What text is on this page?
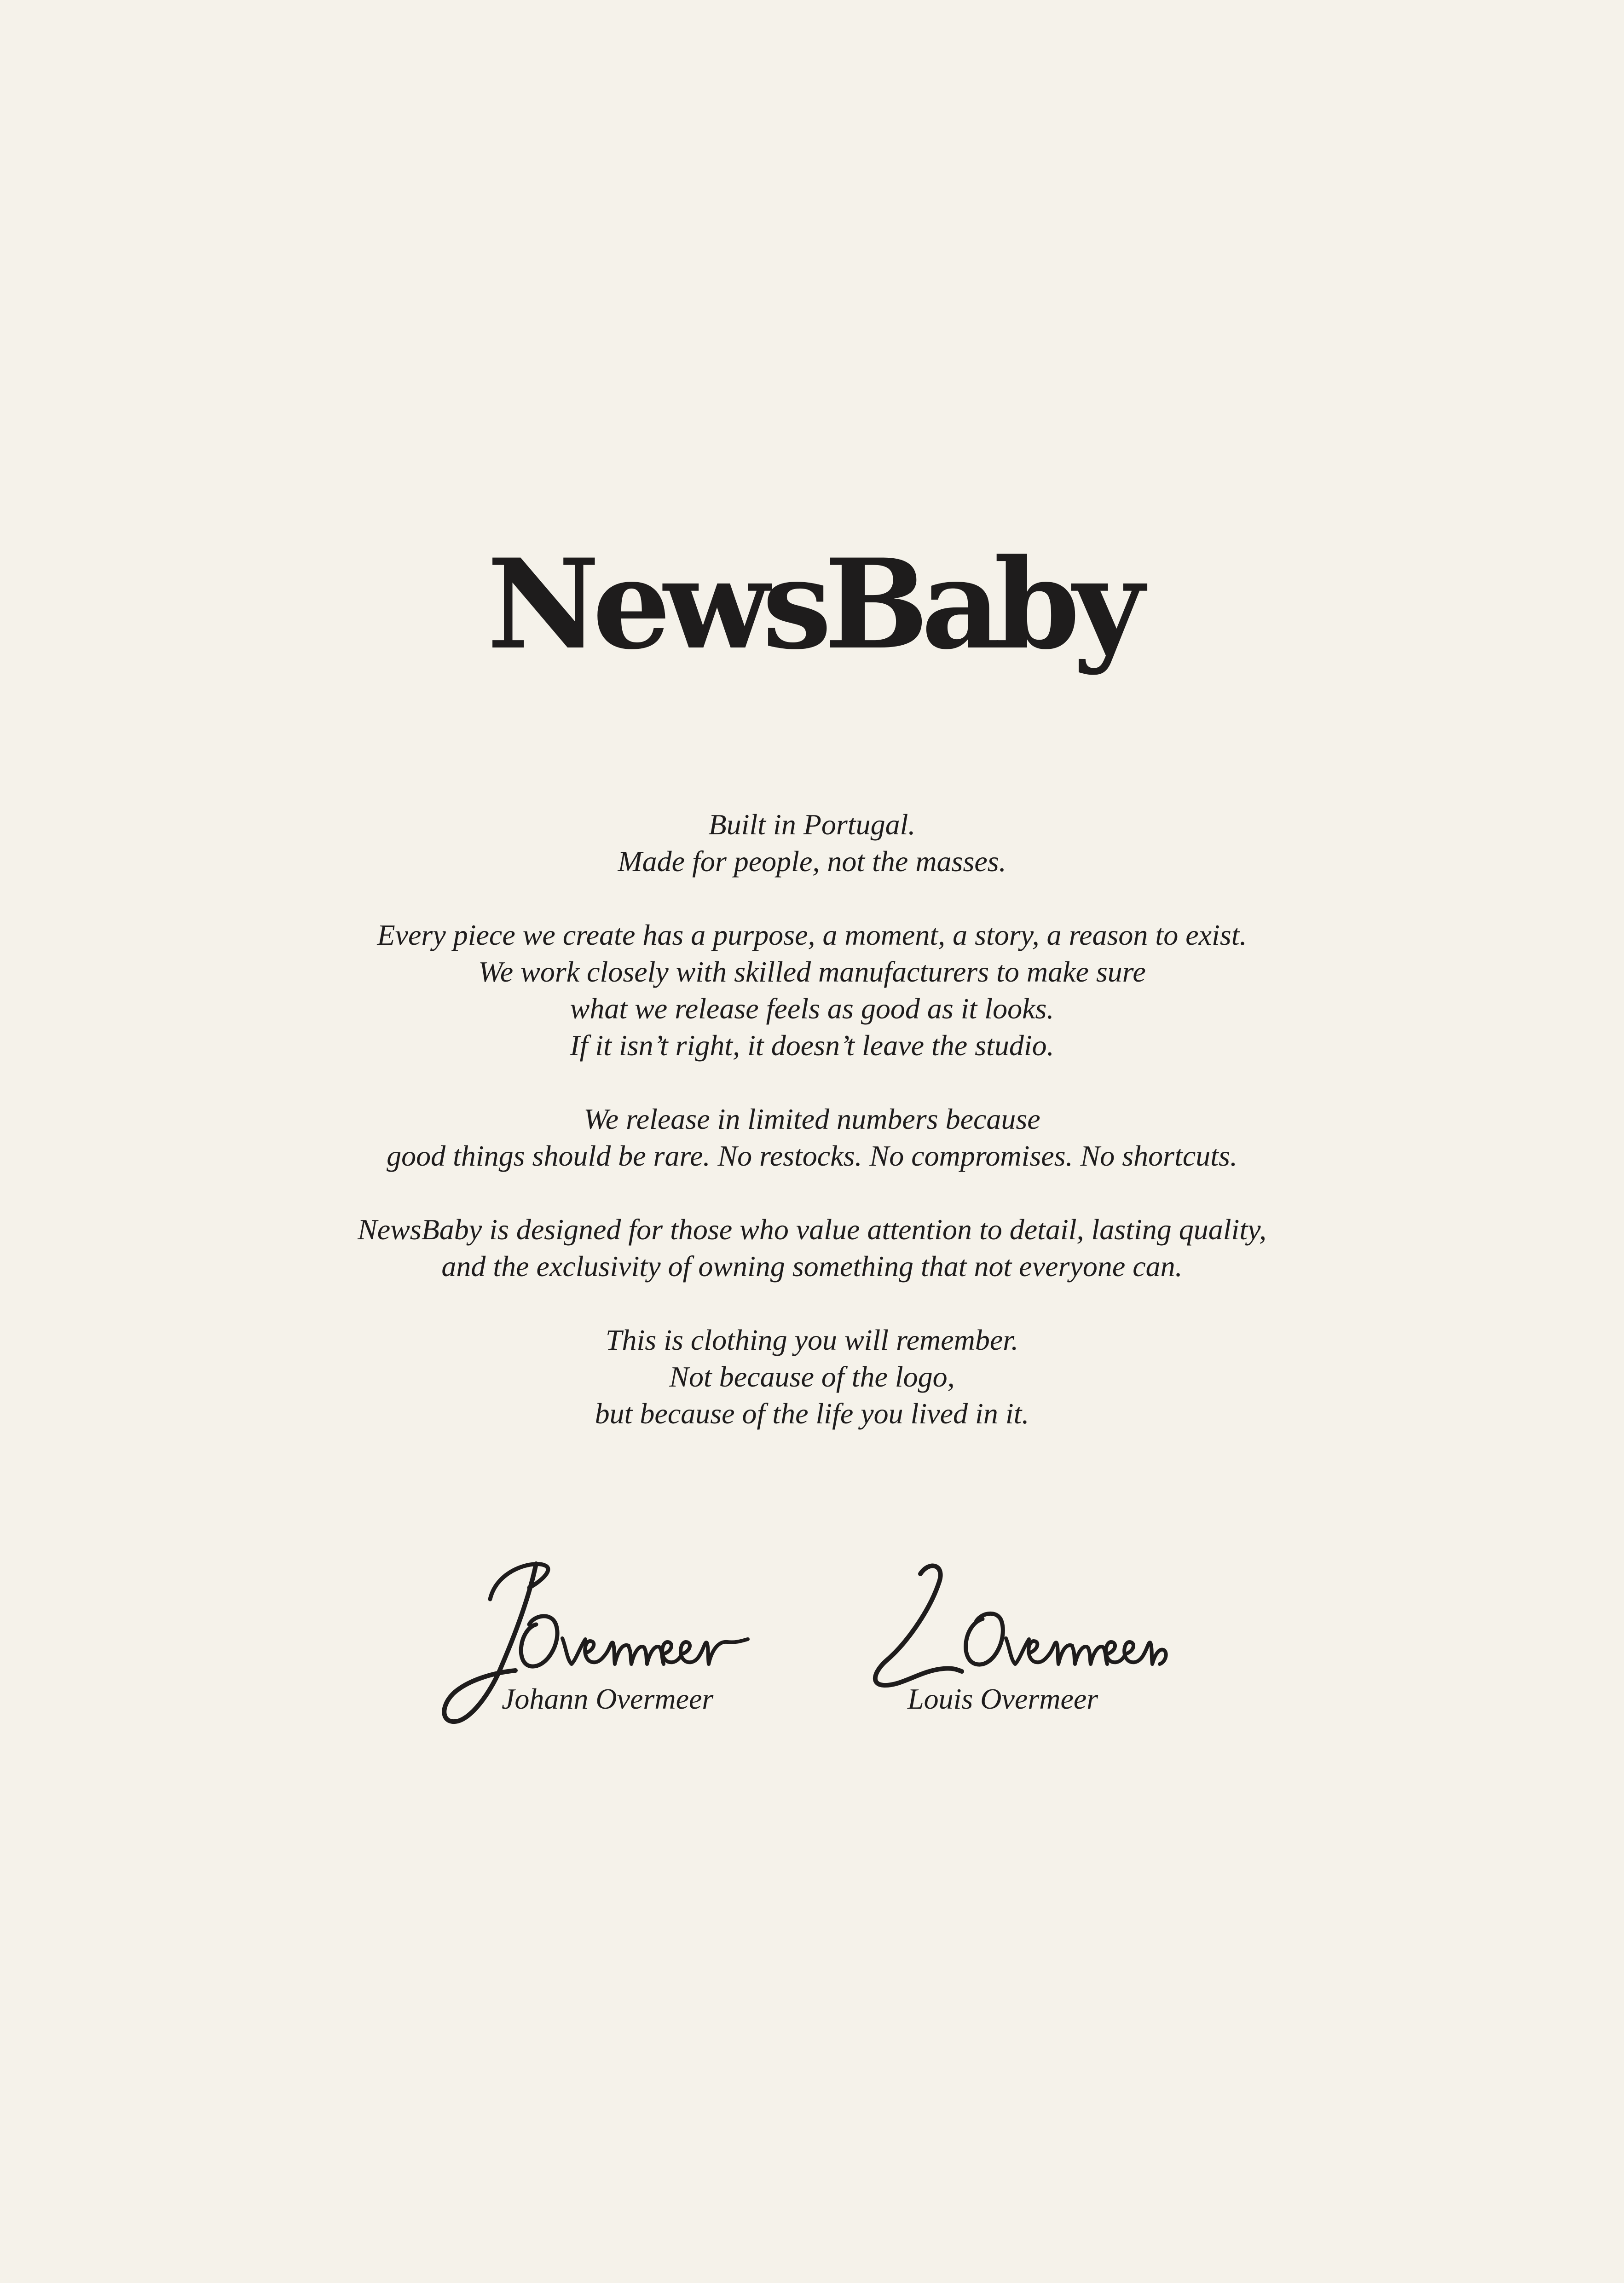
NewsBaby

Built in Portugal.
Made for people, not the masses.

Every piece we create has a purpose, a moment, a story, a reason to exist.
We work closely with skilled manufacturers to make sure
what we release feels as good as it looks.
If it isn’t right, it doesn’t leave the studio.

We release in limited numbers because
good things should be rare. No restocks. No compromises. No shortcuts.

NewsBaby is designed for those who value attention to detail, lasting quality,
and the exclusivity of owning something that not everyone can.

This is clothing you will remember.
Not because of the logo,
but because of the life you lived in it.

Johann Overmeer	Louis Overmeer
